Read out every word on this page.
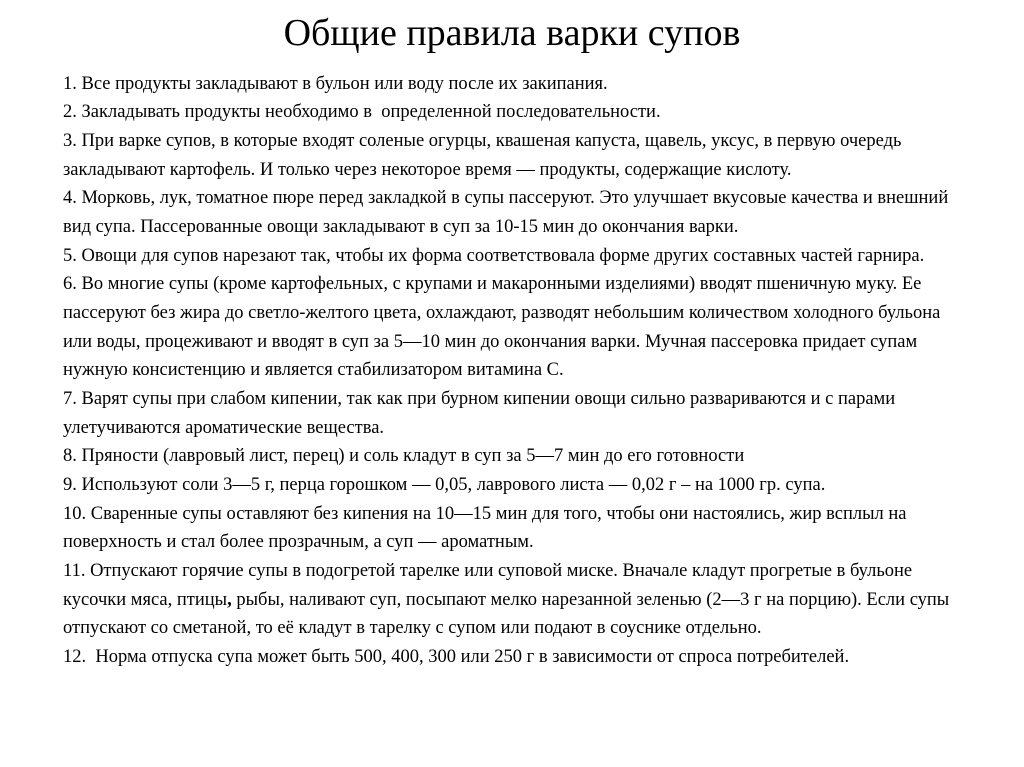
Общие правила варки супов

1. Все продукты закладывают в бульон или воду после их закипания.

2. Закладывать продукты необходимо в  определенной последовательности.

3. При варке супов, в которые входят соленые огурцы, квашеная капуста, щавель, уксус, в первую очередь закладывают картофель. И только через некоторое время — продукты, содержащие кислоту.

4. Морковь, лук, томатное пюре перед закладкой в супы пассеруют. Это улучшает вкусовые качества и внешний вид супа. Пассерованные овощи закладывают в суп за 10-15 мин до окончания варки.

5. Овощи для супов нарезают так, чтобы их форма соответствовала форме других составных частей гарнира.

6. Во многие супы (кроме картофельных, с крупами и макаронными изделиями) вводят пшеничную муку. Ее пассеруют без жира до светло-желтого цвета, охлаждают, разводят небольшим количеством холодного бульона или воды, процеживают и вводят в суп за 5—10 мин до окончания варки. Мучная пассеровка придает супам нужную консистенцию и является стабилизатором витамина С.

7. Варят супы при слабом кипении, так как при бурном кипении овощи сильно развариваются и с парами улетучиваются ароматические вещества.

8. Пряности (лавровый лист, перец) и соль кладут в суп за 5—7 мин до его готовности

9. Используют соли 3—5 г, перца горошком — 0,05, лаврового листа — 0,02 г – на 1000 гр. супа.

10. Сваренные супы оставляют без кипения на 10—15 мин для того, чтобы они настоялись, жир всплыл на поверхность и стал более прозрачным, а суп — ароматным.

11. Отпускают горячие супы в подогретой тарелке или суповой миске. Вначале кладут прогретые в бульоне кусочки мяса, птицы, рыбы, наливают суп, посыпают мелко нарезанной зеленью (2—3 г на порцию). Если супы отпускают со сметаной, то её кладут в тарелку с супом или подают в соуснике отдельно.

12.  Норма отпуска супа может быть 500, 400, 300 или 250 г в зависимости от спроса потребителей.
